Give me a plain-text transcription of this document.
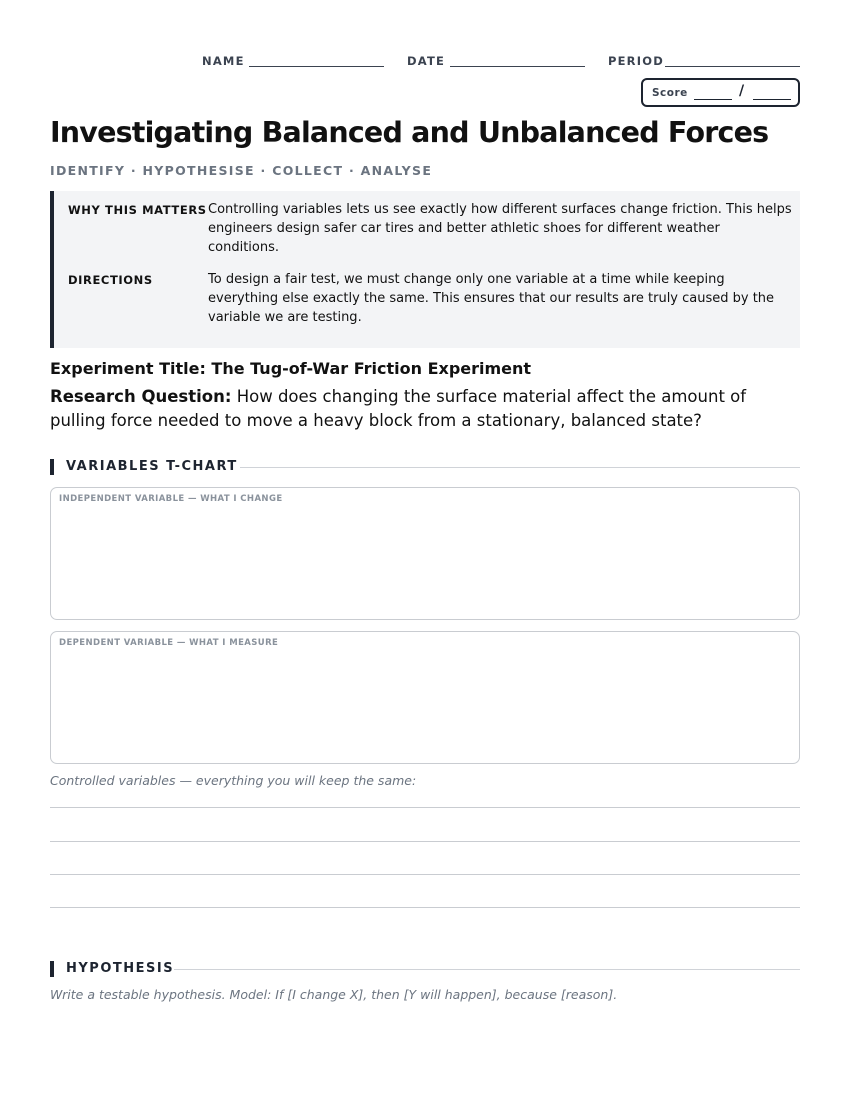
NAME	DATE	PERIOD
Score	/
Investigating Balanced and Unbalanced Forces
IDENTIFY · HYPOTHESISE · COLLECT · ANALYSE
WHY THIS MATTERS Controlling variables lets us see exactly how different surfaces change friction. This helps engineers design safer car tires and better athletic shoes for different weather conditions.
DIRECTIONS	To design a fair test, we must change only one variable at a time while keeping everything else exactly the same. This ensures that our results are truly caused by the variable we are testing.
Experiment Title: The Tug-of-War Friction Experiment
Research Question: How does changing the surface material affect the amount of pulling force needed to move a heavy block from a stationary, balanced state?
VARIABLES T-CHART
INDEPENDENT VARIABLE — WHAT I CHANGE
DEPENDENT VARIABLE — WHAT I MEASURE
Controlled variables — everything you will keep the same:
HYPOTHESIS
Write a testable hypothesis. Model: If [I change X], then [Y will happen], because [reason].
